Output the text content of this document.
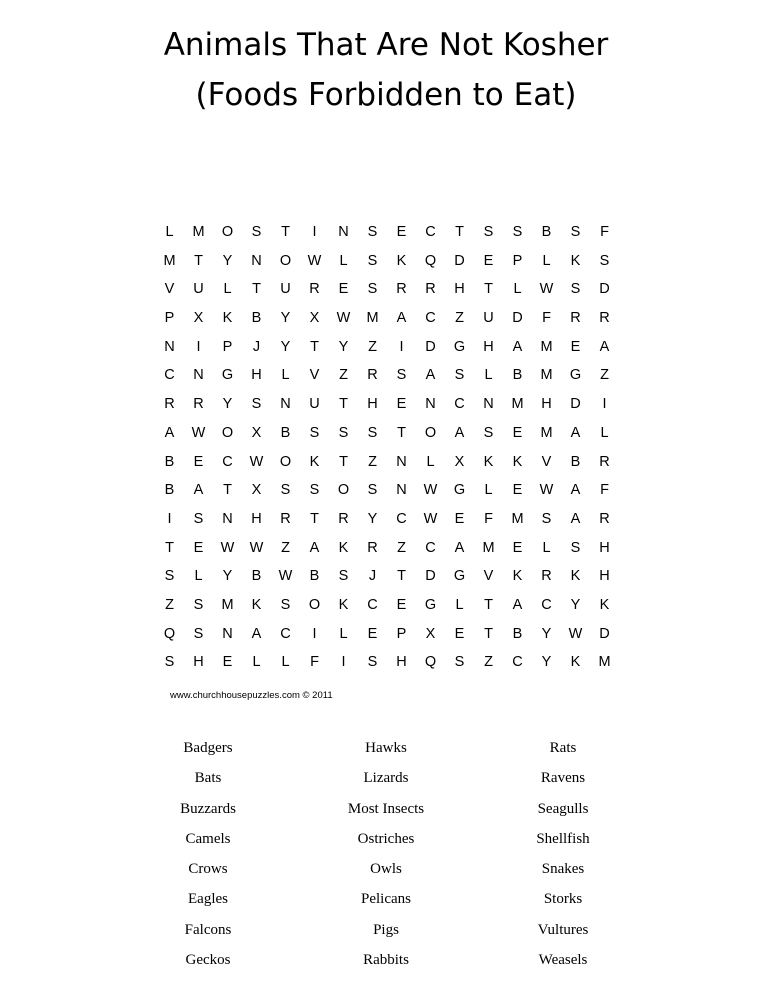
Animals That Are Not Kosher
(Foods Forbidden to Eat)
L	M	O	S	T	I	N	S	E	C	T	S	S	B	S	F
M	T	Y	N	O	W	L	S	K	Q	D	E	P	L	K	S
V	U	L	T	U	R	E	S	R	R	H	T	L	W	S	D
P	X	K	B	Y	X	W	M	A	C	Z	U	D	F	R	R
N	I	P	J	Y	T	Y	Z	I	D	G	H	A	M	E	A
C	N	G	H	L	V	Z	R	S	A	S	L	B	M	G	Z
R	R	Y	S	N	U	T	H	E	N	C	N	M	H	D	I
A	W	O	X	B	S	S	S	T	O	A	S	E	M	A	L
B	E	C	W	O	K	T	Z	N	L	X	K	K	V	B	R
B	A	T	X	S	S	O	S	N	W	G	L	E	W	A	F
I	S	N	H	R	T	R	Y	C	W	E	F	M	S	A	R
T	E	W	W	Z	A	K	R	Z	C	A	M	E	L	S	H
S	L	Y	B	W	B	S	J	T	D	G	V	K	R	K	H
Z	S	M	K	S	O	K	C	E	G	L	T	A	C	Y	K
Q	S	N	A	C	I	L	E	P	X	E	T	B	Y	W	D
S	H	E	L	L	F	I	S	H	Q	S	Z	C	Y	K	M
www.churchhousepuzzles.com © 2011
Badgers
Bats
Buzzards
Camels
Crows
Eagles
Falcons
Geckos
Hawks
Lizards
Most Insects
Ostriches
Owls
Pelicans
Pigs
Rabbits
Rats
Ravens
Seagulls
Shellfish
Snakes
Storks
Vultures
Weasels
